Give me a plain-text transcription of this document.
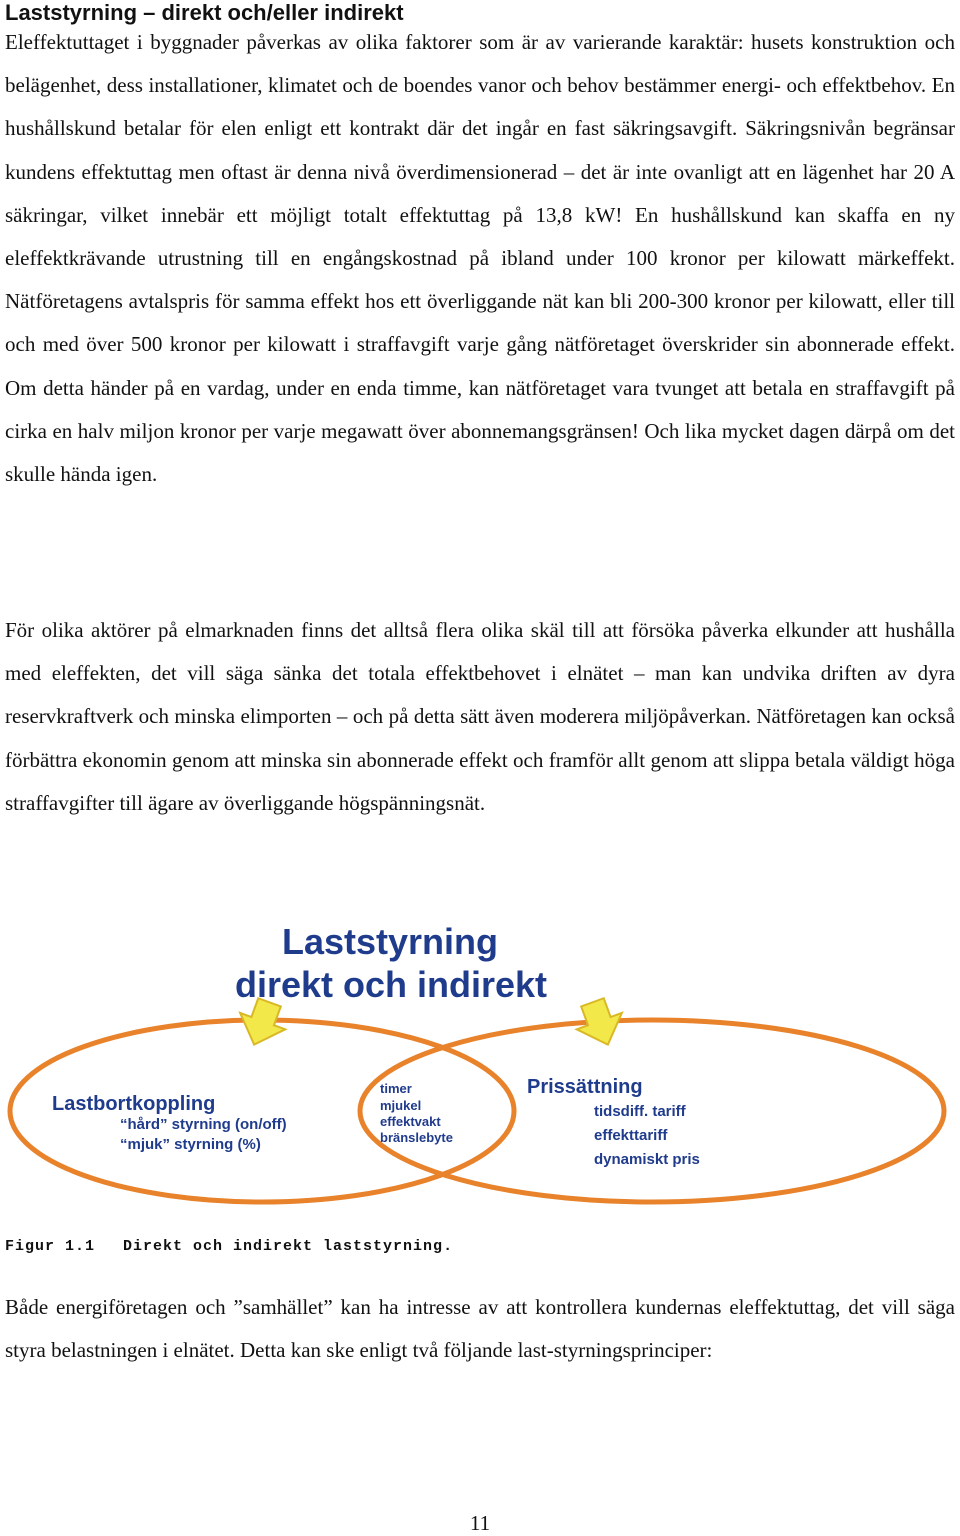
Laststyrning – direkt och/eller indirekt

Eleffektuttaget i byggnader påverkas av olika faktorer som är av varierande karaktär: husets konstruktion och belägenhet, dess installationer, klimatet och de boendes vanor och behov bestämmer energi- och effektbehov. En hushållskund betalar för elen enligt ett kontrakt där det ingår en fast säkringsavgift. Säkringsnivån begränsar kundens effektuttag men oftast är denna nivå överdimensionerad – det är inte ovanligt att en lägenhet har 20 A säkringar, vilket innebär ett möjligt totalt effektuttag på 13,8 kW! En hushållskund kan skaffa en ny eleffektkrävande utrustning till en engångskostnad på ibland under 100 kronor per kilowatt märkeffekt. Nätföretagens avtalspris för samma effekt hos ett överliggande nät kan bli 200-300 kronor per kilowatt, eller till och med över 500 kronor per kilowatt i straffavgift varje gång nätföretaget överskrider sin abonnerade effekt. Om detta händer på en vardag, under en enda timme, kan nätföretaget vara tvunget att betala en straffavgift på cirka en halv miljon kronor per varje megawatt över abonnemangsgränsen! Och lika mycket dagen därpå om det skulle hända igen.

För olika aktörer på elmarknaden finns det alltså flera olika skäl till att försöka påverka elkunder att hushålla med eleffekten, det vill säga sänka det totala effektbehovet i elnätet – man kan undvika driften av dyra reservkraftverk och minska elimporten – och på detta sätt även moderera miljöpåverkan. Nätföretagen kan också förbättra ekonomin genom att minska sin abonnerade effekt och framför allt genom att slippa betala väldigt höga straffavgifter till ägare av överliggande högspänningsnät.

Laststyrning
direkt och indirekt
Lastbortkoppling
“hård” styrning (on/off)
“mjuk” styrning (%)
timer
mjukel
effektvakt
bränslebyte
Prissättning
tidsdiff. tariff
effekttariff
dynamiskt pris
Figur 1.1 Direkt och indirekt laststyrning.

Både energiföretagen och ”samhället” kan ha intresse av att kontrollera kundernas eleffektuttag, det vill säga styra belastningen i elnätet. Detta kan ske enligt två följande last-styrningsprinciper:

11
